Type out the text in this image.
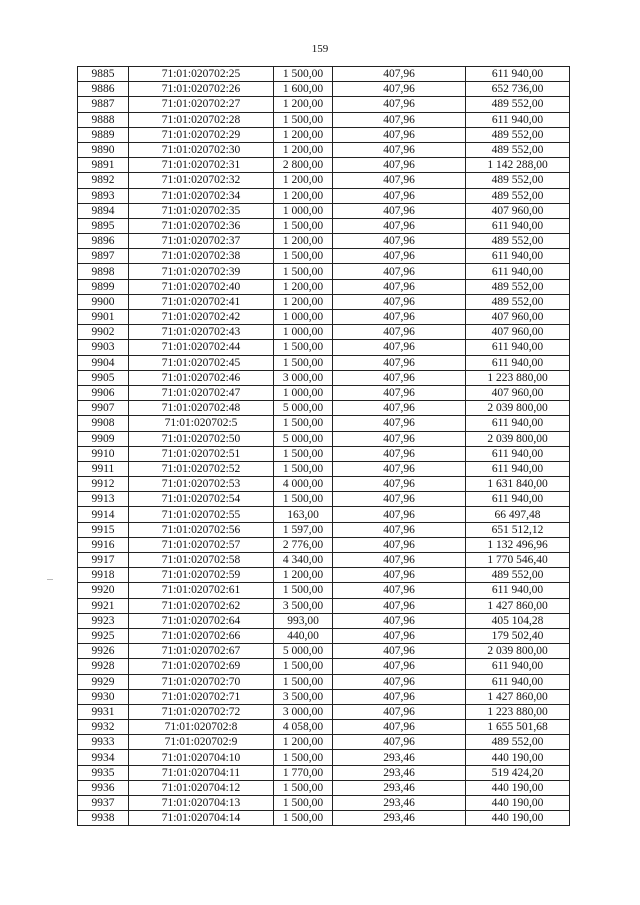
159
9885	71:01:020702:25	1 500,00	407,96	611 940,00
9886	71:01:020702:26	1 600,00	407,96	652 736,00
9887	71:01:020702:27	1 200,00	407,96	489 552,00
9888	71:01:020702:28	1 500,00	407,96	611 940,00
9889	71:01:020702:29	1 200,00	407,96	489 552,00
9890	71:01:020702:30	1 200,00	407,96	489 552,00
9891	71:01:020702:31	2 800,00	407,96	1 142 288,00
9892	71:01:020702:32	1 200,00	407,96	489 552,00
9893	71:01:020702:34	1 200,00	407,96	489 552,00
9894	71:01:020702:35	1 000,00	407,96	407 960,00
9895	71:01:020702:36	1 500,00	407,96	611 940,00
9896	71:01:020702:37	1 200,00	407,96	489 552,00
9897	71:01:020702:38	1 500,00	407,96	611 940,00
9898	71:01:020702:39	1 500,00	407,96	611 940,00
9899	71:01:020702:40	1 200,00	407,96	489 552,00
9900	71:01:020702:41	1 200,00	407,96	489 552,00
9901	71:01:020702:42	1 000,00	407,96	407 960,00
9902	71:01:020702:43	1 000,00	407,96	407 960,00
9903	71:01:020702:44	1 500,00	407,96	611 940,00
9904	71:01:020702:45	1 500,00	407,96	611 940,00
9905	71:01:020702:46	3 000,00	407,96	1 223 880,00
9906	71:01:020702:47	1 000,00	407,96	407 960,00
9907	71:01:020702:48	5 000,00	407,96	2 039 800,00
9908	71:01:020702:5	1 500,00	407,96	611 940,00
9909	71:01:020702:50	5 000,00	407,96	2 039 800,00
9910	71:01:020702:51	1 500,00	407,96	611 940,00
9911	71:01:020702:52	1 500,00	407,96	611 940,00
9912	71:01:020702:53	4 000,00	407,96	1 631 840,00
9913	71:01:020702:54	1 500,00	407,96	611 940,00
9914	71:01:020702:55	163,00	407,96	66 497,48
9915	71:01:020702:56	1 597,00	407,96	651 512,12
9916	71:01:020702:57	2 776,00	407,96	1 132 496,96
9917	71:01:020702:58	4 340,00	407,96	1 770 546,40
9918	71:01:020702:59	1 200,00	407,96	489 552,00
9920	71:01:020702:61	1 500,00	407,96	611 940,00
9921	71:01:020702:62	3 500,00	407,96	1 427 860,00
9923	71:01:020702:64	993,00	407,96	405 104,28
9925	71:01:020702:66	440,00	407,96	179 502,40
9926	71:01:020702:67	5 000,00	407,96	2 039 800,00
9928	71:01:020702:69	1 500,00	407,96	611 940,00
9929	71:01:020702:70	1 500,00	407,96	611 940,00
9930	71:01:020702:71	3 500,00	407,96	1 427 860,00
9931	71:01:020702:72	3 000,00	407,96	1 223 880,00
9932	71:01:020702:8	4 058,00	407,96	1 655 501,68
9933	71:01:020702:9	1 200,00	407,96	489 552,00
9934	71:01:020704:10	1 500,00	293,46	440 190,00
9935	71:01:020704:11	1 770,00	293,46	519 424,20
9936	71:01:020704:12	1 500,00	293,46	440 190,00
9937	71:01:020704:13	1 500,00	293,46	440 190,00
9938	71:01:020704:14	1 500,00	293,46	440 190,00
